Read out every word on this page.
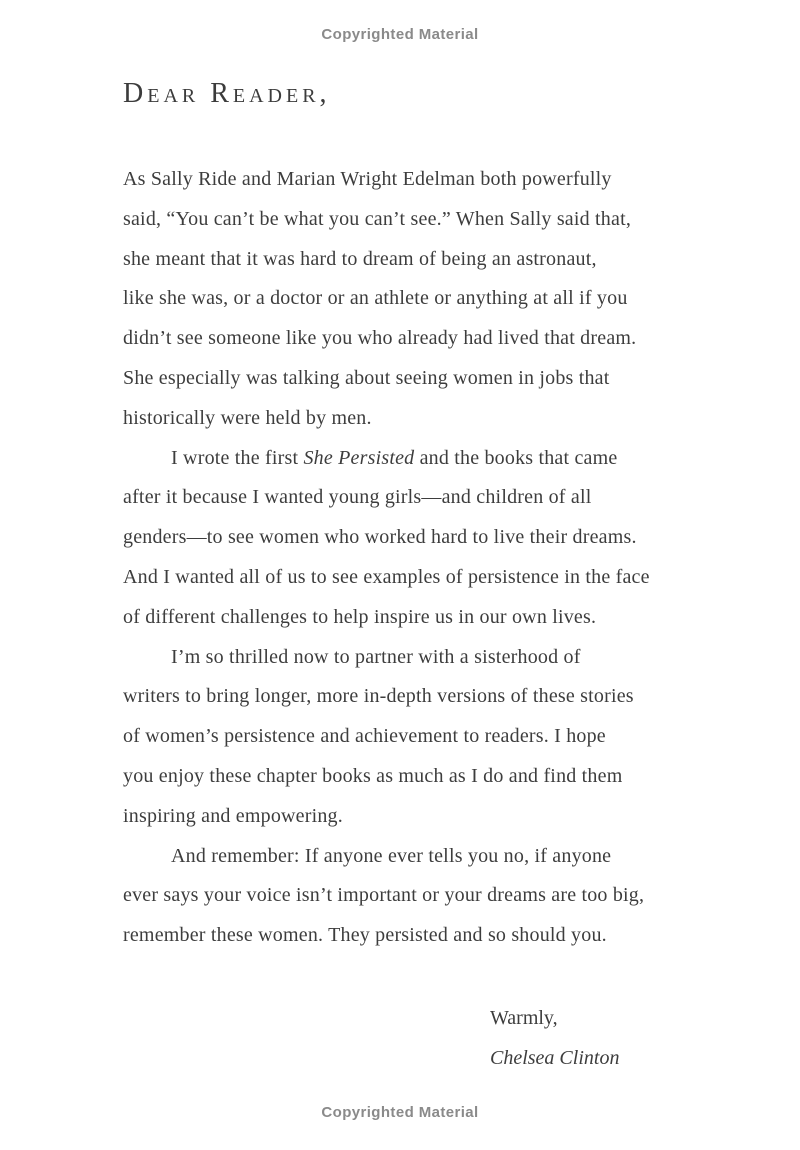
Copyrighted Material
Dear Reader,
As Sally Ride and Marian Wright Edelman both powerfully
said, “You can’t be what you can’t see.” When Sally said that,
she meant that it was hard to dream of being an astronaut,
like she was, or a doctor or an athlete or anything at all if you
didn’t see someone like you who already had lived that dream.
She especially was talking about seeing women in jobs that
historically were held by men.
I wrote the first She Persisted and the books that came
after it because I wanted young girls—and children of all
genders—to see women who worked hard to live their dreams.
And I wanted all of us to see examples of persistence in the face
of different challenges to help inspire us in our own lives.
I’m so thrilled now to partner with a sisterhood of
writers to bring longer, more in-depth versions of these stories
of women’s persistence and achievement to readers. I hope
you enjoy these chapter books as much as I do and find them
inspiring and empowering.
And remember: If anyone ever tells you no, if anyone
ever says your voice isn’t important or your dreams are too big,
remember these women. They persisted and so should you.
Warmly,
Chelsea Clinton
Copyrighted Material
